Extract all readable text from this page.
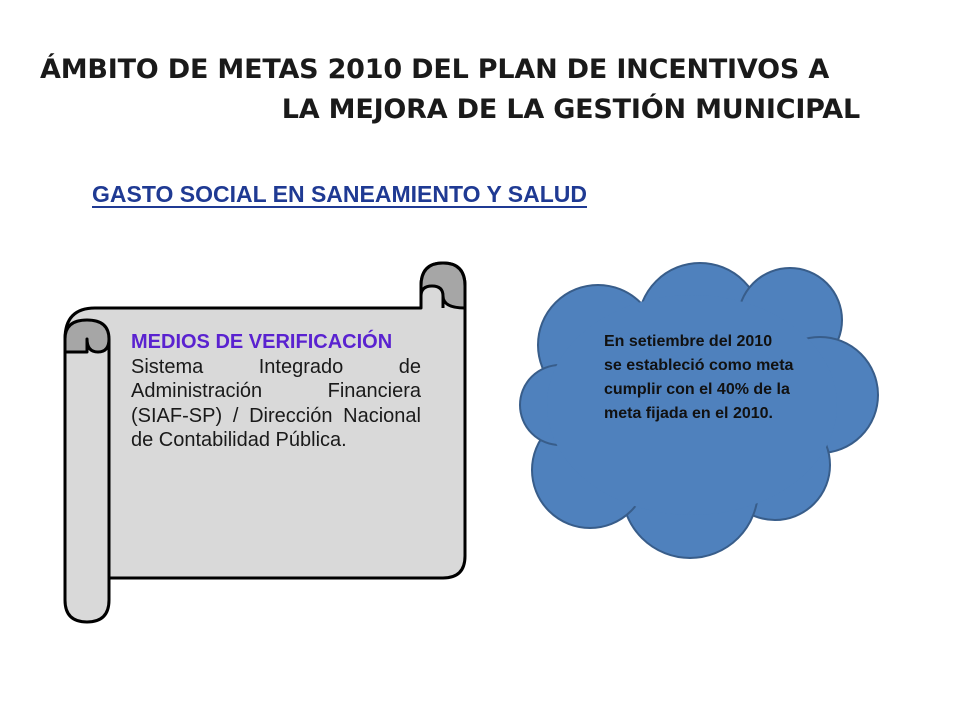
ÁMBITO DE METAS 2010 DEL PLAN DE INCENTIVOS A
LA MEJORA DE LA GESTIÓN MUNICIPAL
GASTO SOCIAL EN SANEAMIENTO Y SALUD
MEDIOS DE VERIFICACIÓN
Sistema Integrado de Administración Financiera (SIAF-SP) / Dirección Nacional de Contabilidad Pública.
En setiembre del 2010 se estableció como meta cumplir con el 40% de la meta fijada en el 2010.
